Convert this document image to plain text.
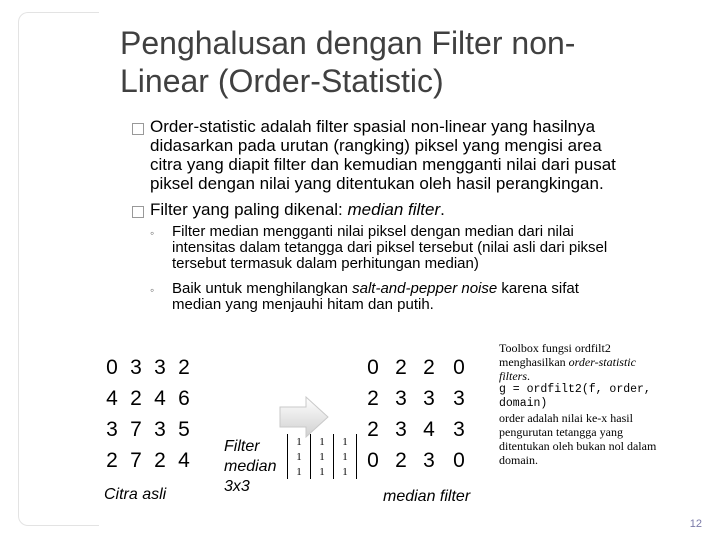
Penghalusan dengan Filter non-
Linear (Order-Statistic)
Order-statistic adalah filter spasial non-linear yang hasilnya
didasarkan pada urutan (rangking) piksel yang mengisi area
citra yang diapit filter dan kemudian mengganti nilai dari pusat
piksel dengan nilai yang ditentukan oleh hasil perangkingan.
Filter yang paling dikenal: median filter.
◦ Filter median mengganti nilai piksel dengan median dari nilai
intensitas dalam tetangga dari piksel tersebut (nilai asli dari piksel
tersebut termasuk dalam perhitungan median)
◦ Baik untuk menghilangkan salt-and-pepper noise karena sifat
median yang menjauhi hitam dan putih.
0 3 3 2
4 2 4 6
3 7 3 5
2 7 2 4
Citra asli
Filter
median
3x3
1	1	1
1	1	1
1	1	1
0 2 2 0
2 3 3 3
2 3 4 3
0 2 3 0
median filter
Toolbox fungsi ordfilt2
menghasilkan order-statistic
filters.
g = ordfilt2(f, order,
domain)
order adalah nilai ke-x hasil
pengurutan tetangga yang
ditentukan oleh bukan nol dalam
domain.
12
